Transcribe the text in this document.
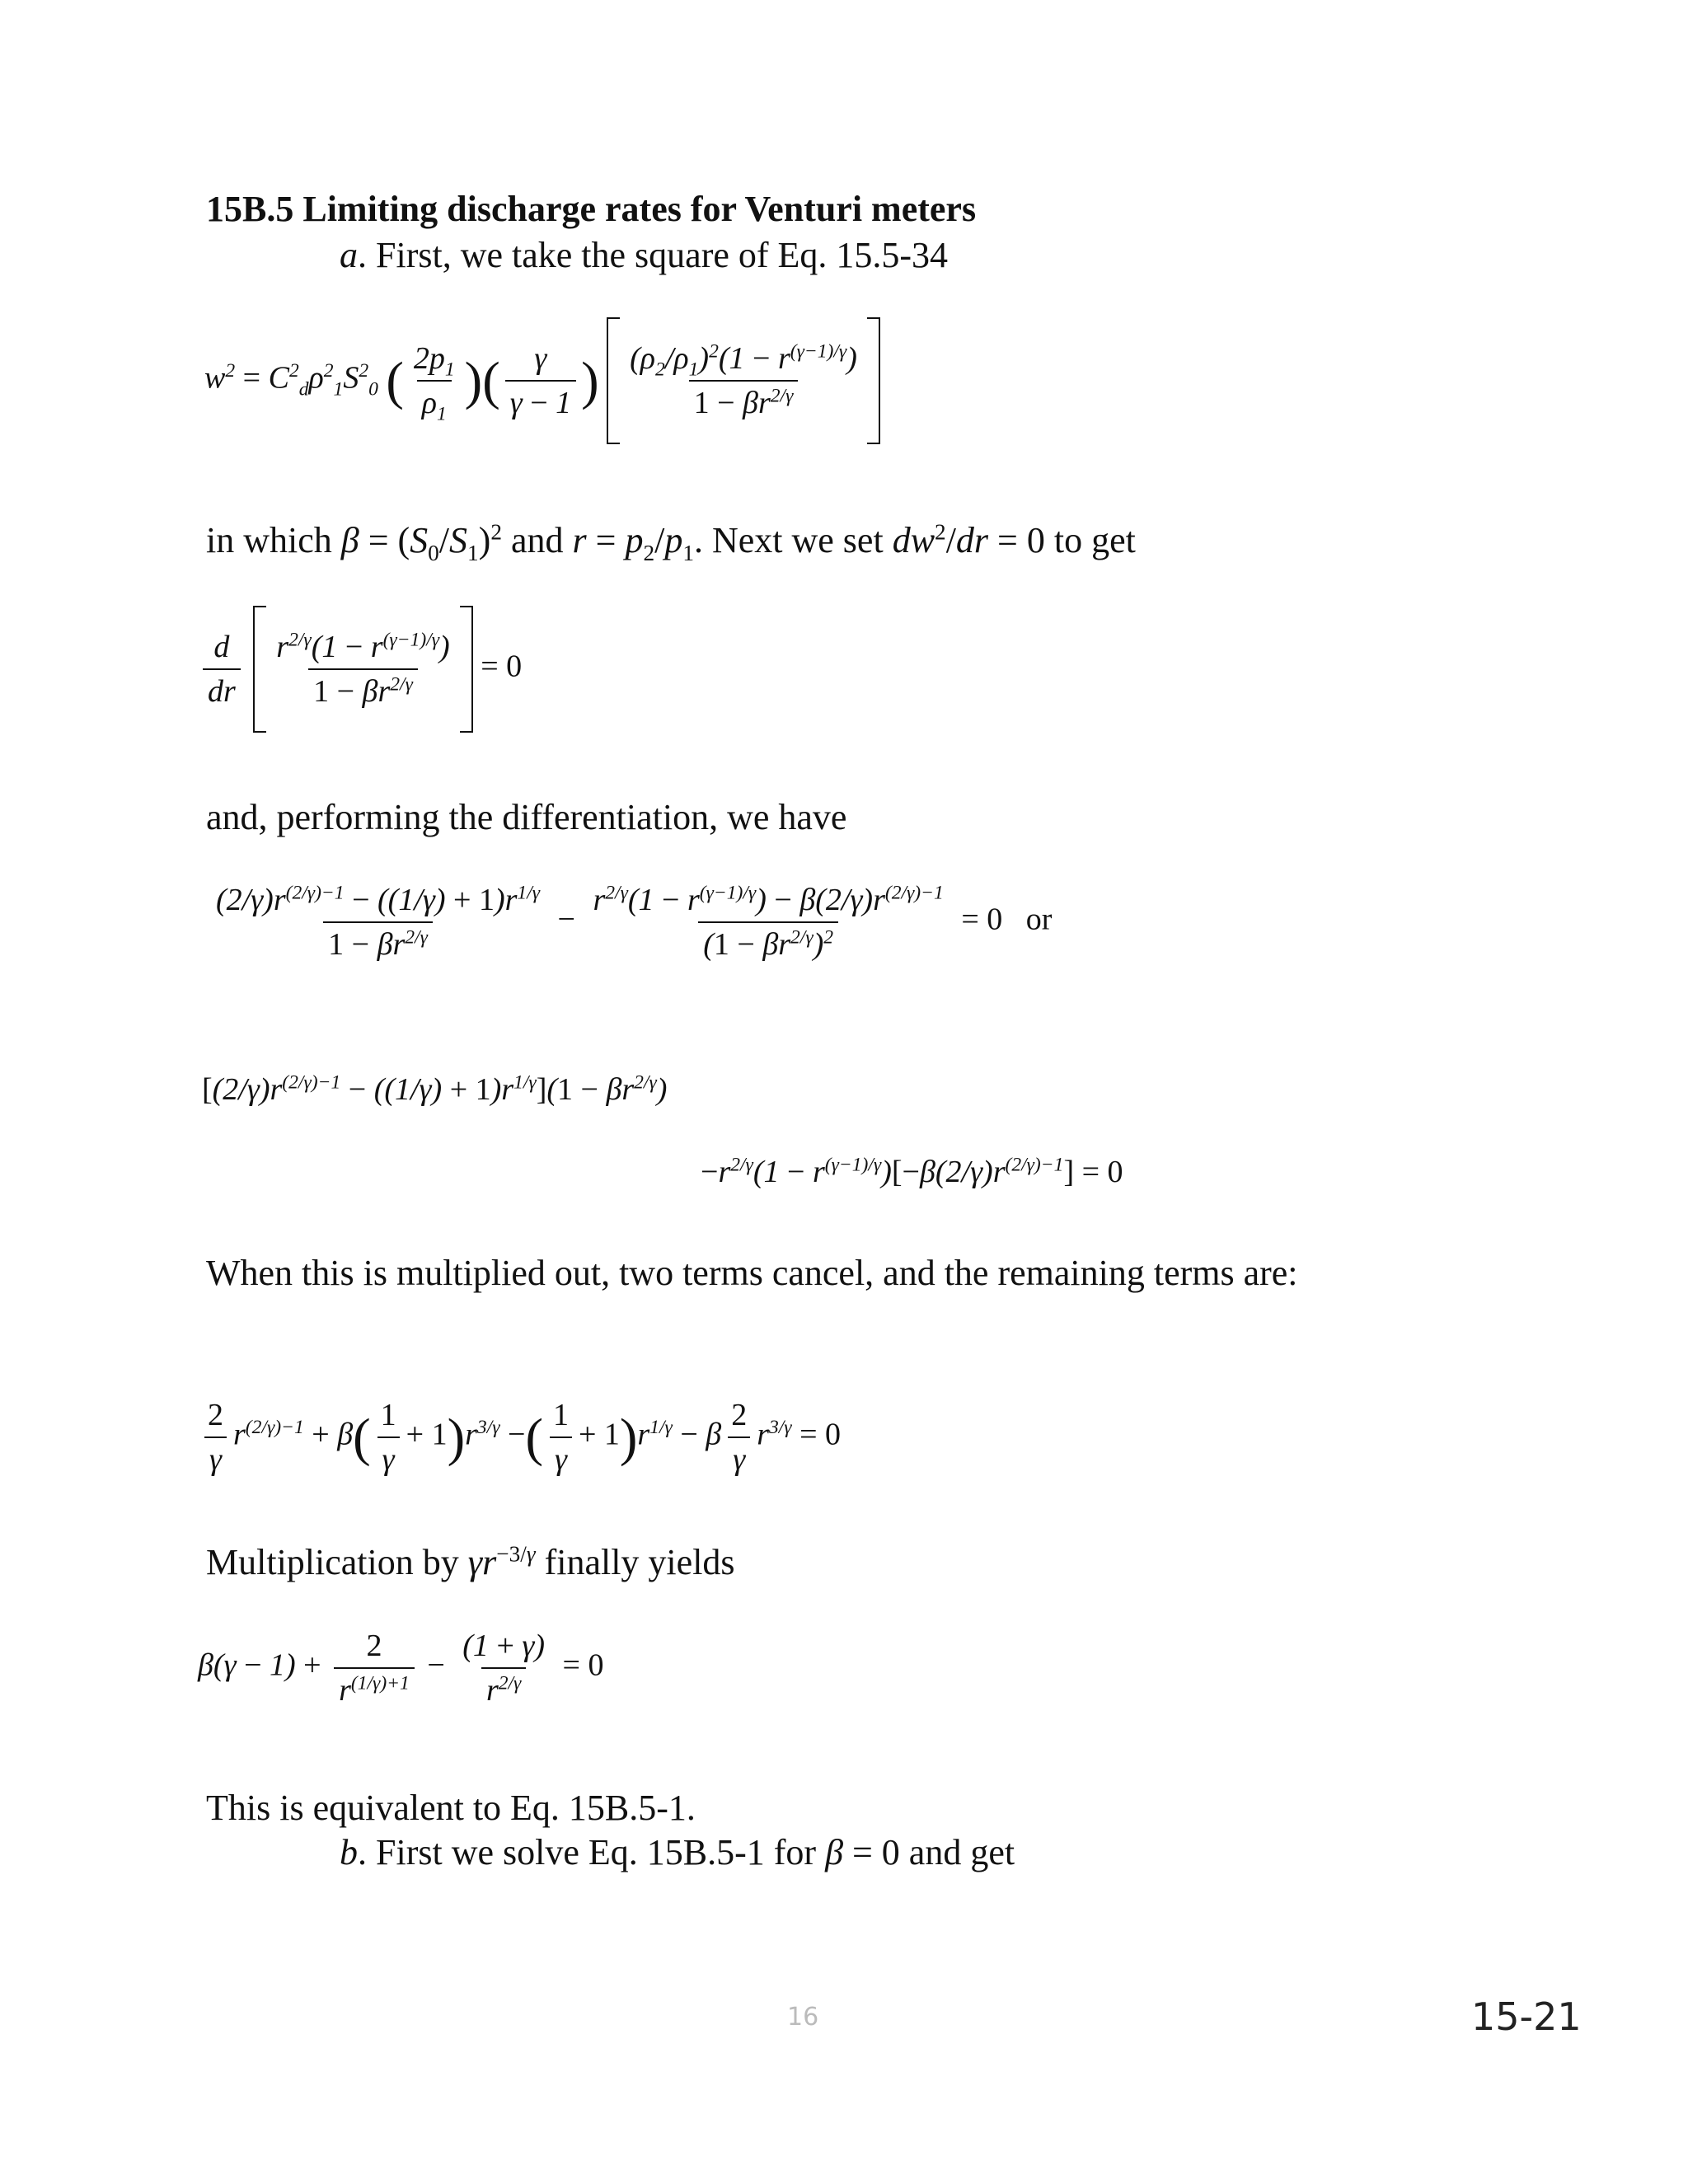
15B.5 Limiting discharge rates for Venturi meters
a. First, we take the square of Eq. 15.5-34
$w^2 = C^2_d\rho^2_1S^2_0$ ( $\frac{2p_1}{\rho_1}$ )( $\frac{\gamma}{\gamma - 1}$ ) $\frac{(\rho_2/\rho_1)^2(1 - r^{(\gamma-1)/\gamma})}{1 - \beta r^{2/\gamma}}$
in which $\beta = (S_0/S_1)^2$ and $r = p_2/p_1$. Next we set $dw^2/dr = 0$ to get
$\frac{d}{dr}$
$\frac{r^{2/\gamma}(1 - r^{(\gamma-1)/\gamma})}{1 - \beta r^{2/\gamma}} = 0$
and, performing the differentiation, we have
$\frac{(2/\gamma)r^{(2/\gamma)-1} - ((1/\gamma) + 1)r^{1/\gamma}}{1 - \beta r^{2/\gamma}} - \frac{r^{2/\gamma}(1 - r^{(\gamma-1)/\gamma}) - \beta(2/\gamma)r^{(2/\gamma)-1}}{(1 - \beta r^{2/\gamma})^2} = 0$   or
$[(2/\gamma)r^{(2/\gamma)-1} - ((1/\gamma) + 1)r^{1/\gamma}](1 - \beta r^{2/\gamma})$
$-r^{2/\gamma}(1 - r^{(\gamma-1)/\gamma})[-\beta(2/\gamma)r^{(2/\gamma)-1}] = 0$
When this is multiplied out, two terms cancel, and the remaining terms are:
$\frac{2}{\gamma} r^{(2/\gamma)-1} + \beta( \frac{1}{\gamma} + 1)r^{3/\gamma}$ −( $\frac{1}{\gamma} + 1)r^{1/\gamma} - \beta \frac{2}{\gamma} r^{3/\gamma} = 0$
Multiplication by $\gamma r^{-3/\gamma}$ finally yields
$\beta(\gamma - 1) + \frac{2}{r^{(1/\gamma)+1}} - \frac{(1 + \gamma)}{r^{2/\gamma}} = 0$
This is equivalent to Eq. 15B.5-1.
b. First we solve Eq. 15B.5-1 for β = 0 and get
16	15-21
